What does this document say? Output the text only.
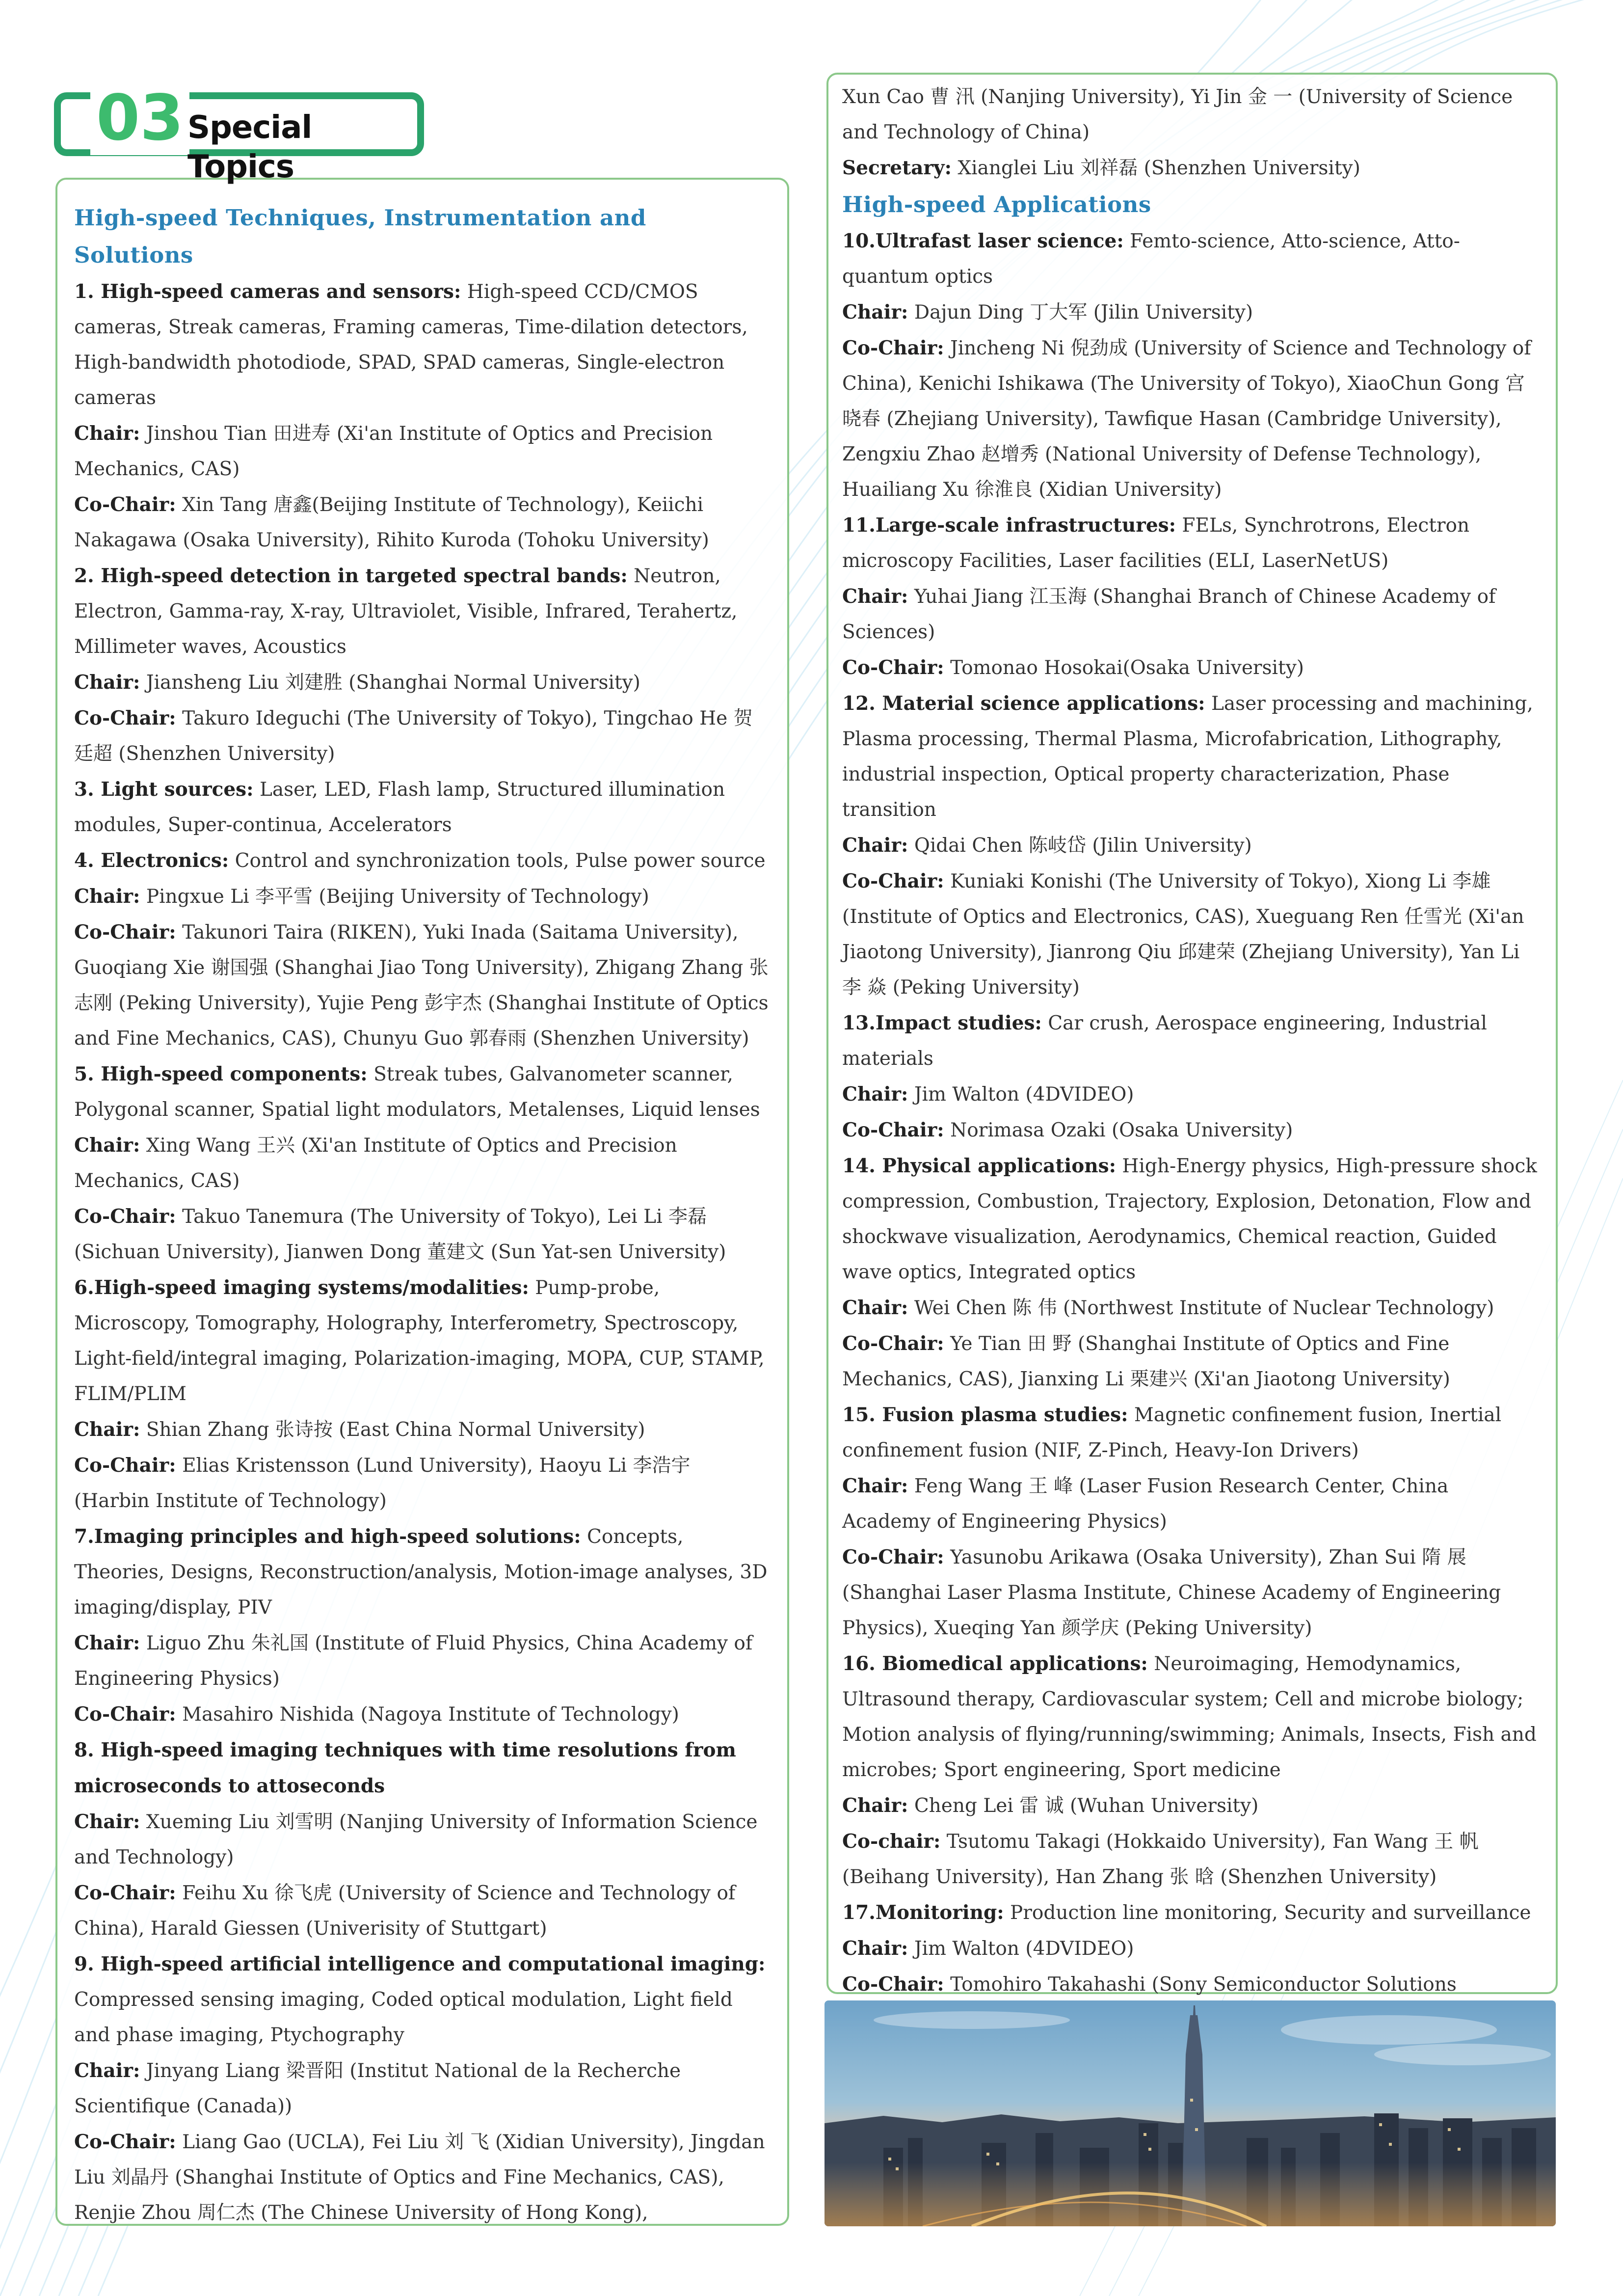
03 Special Topics
High-speed Techniques, Instrumentation and Solutions

1. High-speed cameras and sensors: High-speed CCD/CMOS cameras, Streak cameras, Framing cameras, Time-dilation detectors, High-bandwidth photodiode, SPAD, SPAD cameras, Single-electron cameras

Chair: Jinshou Tian 田进寿 (Xi'an Institute of Optics and Precision Mechanics, CAS)

Co-Chair: Xin Tang 唐鑫(Beijing Institute of Technology), Keiichi Nakagawa (Osaka University), Rihito Kuroda (Tohoku University)

2. High-speed detection in targeted spectral bands: Neutron, Electron, Gamma-ray, X-ray, Ultraviolet, Visible, Infrared, Terahertz, Millimeter waves, Acoustics

Chair: Jiansheng Liu 刘建胜 (Shanghai Normal University)

Co-Chair: Takuro Ideguchi (The University of Tokyo), Tingchao He 贺廷超 (Shenzhen University)

3. Light sources: Laser, LED, Flash lamp, Structured illumination modules, Super-continua, Accelerators

4. Electronics: Control and synchronization tools, Pulse power source

Chair: Pingxue Li 李平雪 (Beijing University of Technology)

Co-Chair: Takunori Taira (RIKEN), Yuki Inada (Saitama University), Guoqiang Xie 谢国强 (Shanghai Jiao Tong University), Zhigang Zhang 张志刚 (Peking University), Yujie Peng 彭宇杰 (Shanghai Institute of Optics and Fine Mechanics, CAS), Chunyu Guo 郭春雨 (Shenzhen University)

5. High-speed components: Streak tubes, Galvanometer scanner, Polygonal scanner, Spatial light modulators, Metalenses, Liquid lenses

Chair: Xing Wang 王兴 (Xi'an Institute of Optics and Precision Mechanics, CAS)

Co-Chair: Takuo Tanemura (The University of Tokyo), Lei Li 李磊 (Sichuan University), Jianwen Dong 董建文 (Sun Yat-sen University)

6.High-speed imaging systems/modalities: Pump-probe, Microscopy, Tomography, Holography, Interferometry, Spectroscopy, Light-field/integral imaging, Polarization-imaging, MOPA, CUP, STAMP, FLIM/PLIM

Chair: Shian Zhang 张诗按 (East China Normal University)

Co-Chair: Elias Kristensson (Lund University), Haoyu Li 李浩宇 (Harbin Institute of Technology)

7.Imaging principles and high-speed solutions: Concepts, Theories, Designs, Reconstruction/analysis, Motion-image analyses, 3D imaging/display, PIV

Chair: Liguo Zhu 朱礼国 (Institute of Fluid Physics, China Academy of Engineering Physics)

Co-Chair: Masahiro Nishida (Nagoya Institute of Technology)

8. High-speed imaging techniques with time resolutions from microseconds to attoseconds

Chair: Xueming Liu 刘雪明 (Nanjing University of Information Science and Technology)

Co-Chair: Feihu Xu 徐飞虎 (University of Science and Technology of China), Harald Giessen (Univerisity of Stuttgart)

9. High-speed artificial intelligence and computational imaging: Compressed sensing imaging, Coded optical modulation, Light field and phase imaging, Ptychography

Chair: Jinyang Liang 梁晋阳 (Institut National de la Recherche Scientifique (Canada))

Co-Chair: Liang Gao (UCLA), Fei Liu 刘 飞 (Xidian University), Jingdan Liu 刘晶丹 (Shanghai Institute of Optics and Fine Mechanics, CAS), Renjie Zhou 周仁杰 (The Chinese University of Hong Kong),

Xun Cao 曹 汛 (Nanjing University), Yi Jin 金 一 (University of Science and Technology of China)

Secretary: Xianglei Liu 刘祥磊 (Shenzhen University)

High-speed Applications

10.Ultrafast laser science: Femto-science, Atto-science, Atto-quantum optics

Chair: Dajun Ding 丁大军 (Jilin University)

Co-Chair: Jincheng Ni 倪劲成 (University of Science and Technology of China), Kenichi Ishikawa (The University of Tokyo), XiaoChun Gong 宫晓春 (Zhejiang University), Tawfique Hasan (Cambridge University), Zengxiu Zhao 赵增秀 (National University of Defense Technology), Huailiang Xu 徐淮良 (Xidian University)

11.Large-scale infrastructures: FELs, Synchrotrons, Electron microscopy Facilities, Laser facilities (ELI, LaserNetUS)

Chair: Yuhai Jiang 江玉海 (Shanghai Branch of Chinese Academy of Sciences)

Co-Chair: Tomonao Hosokai(Osaka University)

12. Material science applications: Laser processing and machining, Plasma processing, Thermal Plasma, Microfabrication, Lithography, industrial inspection, Optical property characterization, Phase transition

Chair: Qidai Chen 陈岐岱 (Jilin University)

Co-Chair: Kuniaki Konishi (The University of Tokyo), Xiong Li 李雄 (Institute of Optics and Electronics, CAS), Xueguang Ren 任雪光 (Xi'an Jiaotong University), Jianrong Qiu 邱建荣 (Zhejiang University), Yan Li 李 焱 (Peking University)

13.Impact studies: Car crush, Aerospace engineering, Industrial materials

Chair: Jim Walton (4DVIDEO)

Co-Chair: Norimasa Ozaki (Osaka University)

14. Physical applications: High-Energy physics, High-pressure shock compression, Combustion, Trajectory, Explosion, Detonation, Flow and shockwave visualization, Aerodynamics, Chemical reaction, Guided wave optics, Integrated optics

Chair: Wei Chen 陈 伟 (Northwest Institute of Nuclear Technology)

Co-Chair: Ye Tian 田 野 (Shanghai Institute of Optics and Fine Mechanics, CAS), Jianxing Li 栗建兴 (Xi'an Jiaotong University)

15. Fusion plasma studies: Magnetic confinement fusion, Inertial confinement fusion (NIF, Z-Pinch, Heavy-Ion Drivers)

Chair: Feng Wang 王 峰 (Laser Fusion Research Center, China Academy of Engineering Physics)

Co-Chair: Yasunobu Arikawa (Osaka University), Zhan Sui 隋 展 (Shanghai Laser Plasma Institute, Chinese Academy of Engineering Physics), Xueqing Yan 颜学庆 (Peking University)

16. Biomedical applications: Neuroimaging, Hemodynamics, Ultrasound therapy, Cardiovascular system; Cell and microbe biology; Motion analysis of flying/running/swimming; Animals, Insects, Fish and microbes; Sport engineering, Sport medicine

Chair: Cheng Lei 雷 诚 (Wuhan University)

Co-chair: Tsutomu Takagi (Hokkaido University), Fan Wang 王 帆 (Beihang University), Han Zhang 张 晗 (Shenzhen University)

17.Monitoring: Production line monitoring, Security and surveillance

Chair: Jim Walton (4DVIDEO)

Co-Chair: Tomohiro Takahashi (Sony Semiconductor Solutions
